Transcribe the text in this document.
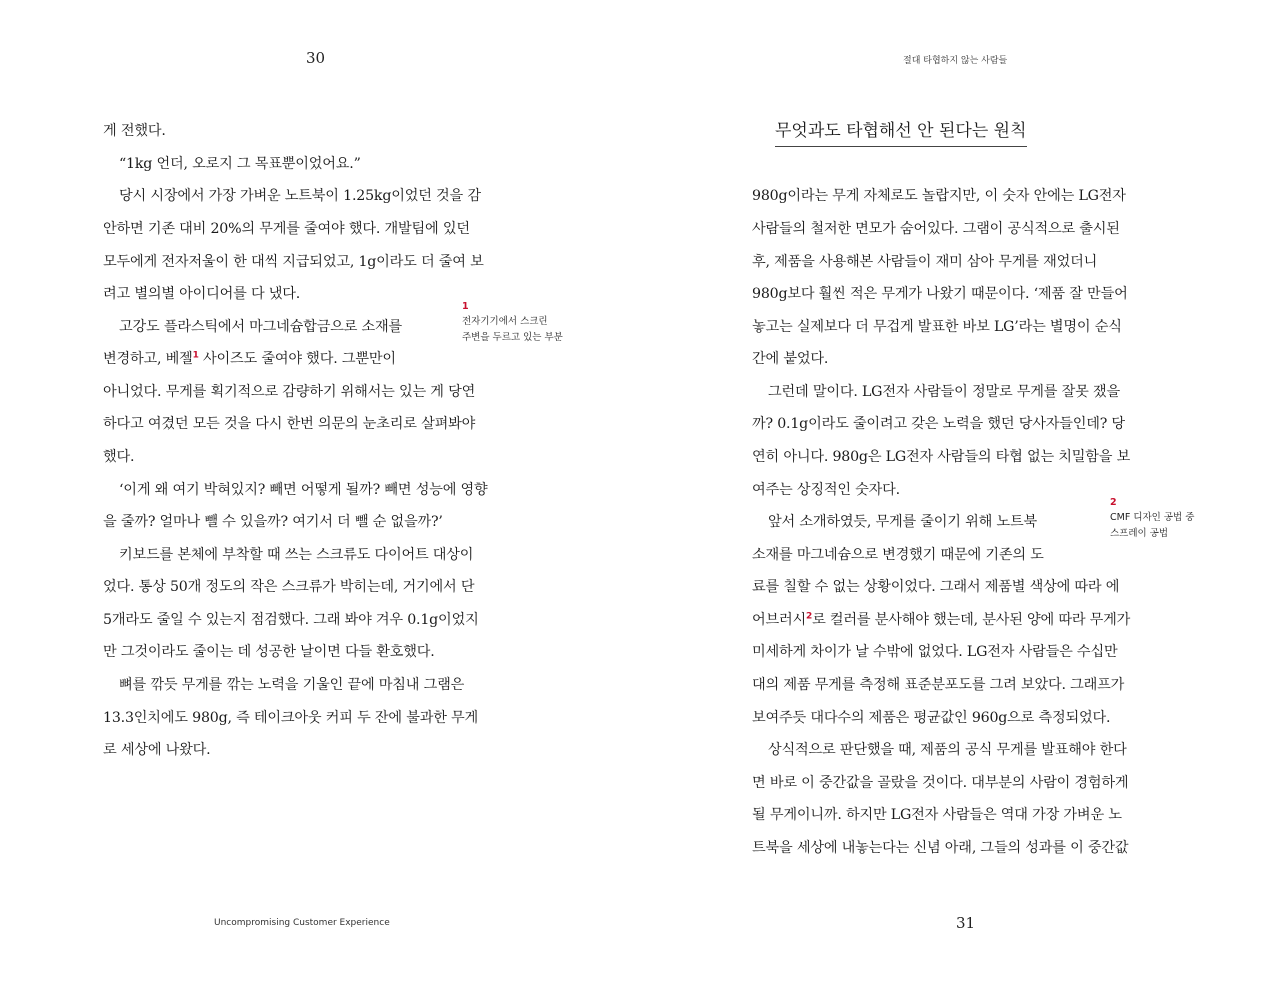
30
게 전했다.
“1kg 언더, 오로지 그 목표뿐이었어요.”
당시 시장에서 가장 가벼운 노트북이 1.25kg이었던 것을 감
안하면 기존 대비 20%의 무게를 줄여야 했다. 개발팀에 있던
모두에게 전자저울이 한 대씩 지급되었고, 1g이라도 더 줄여 보
려고 별의별 아이디어를 다 냈다.
고강도 플라스틱에서 마그네슘합금으로 소재를
변경하고, 베젤$^1$ 사이즈도 줄여야 했다. 그뿐만이
아니었다. 무게를 획기적으로 감량하기 위해서는 있는 게 당연
하다고 여겼던 모든 것을 다시 한번 의문의 눈초리로 살펴봐야
했다.
‘이게 왜 여기 박혀있지? 빼면 어떻게 될까? 빼면 성능에 영향
을 줄까? 얼마나 뺄 수 있을까? 여기서 더 뺄 순 없을까?’
키보드를 본체에 부착할 때 쓰는 스크류도 다이어트 대상이
었다. 통상 50개 정도의 작은 스크류가 박히는데, 거기에서 단
5개라도 줄일 수 있는지 점검했다. 그래 봐야 겨우 0.1g이었지
만 그것이라도 줄이는 데 성공한 날이면 다들 환호했다.
뼈를 깎듯 무게를 깎는 노력을 기울인 끝에 마침내 그램은
13.3인치에도 980g, 즉 테이크아웃 커피 두 잔에 불과한 무게
로 세상에 나왔다.
1
전자기기에서 스크린
주변을 두르고 있는 부분
Uncompromising Customer Experience
절대 타협하지 않는 사람들
무엇과도 타협해선 안 된다는 원칙
980g이라는 무게 자체로도 놀랍지만, 이 숫자 안에는 LG전자
사람들의 철저한 면모가 숨어있다. 그램이 공식적으로 출시된
후, 제품을 사용해본 사람들이 재미 삼아 무게를 재었더니
980g보다 훨씬 적은 무게가 나왔기 때문이다. ‘제품 잘 만들어
놓고는 실제보다 더 무겁게 발표한 바보 LG’라는 별명이 순식
간에 붙었다.
그런데 말이다. LG전자 사람들이 정말로 무게를 잘못 쟀을
까? 0.1g이라도 줄이려고 갖은 노력을 했던 당사자들인데? 당
연히 아니다. 980g은 LG전자 사람들의 타협 없는 치밀함을 보
여주는 상징적인 숫자다.
앞서 소개하였듯, 무게를 줄이기 위해 노트북
소재를 마그네슘으로 변경했기 때문에 기존의 도
료를 칠할 수 없는 상황이었다. 그래서 제품별 색상에 따라 에
어브러시$^2$로 컬러를 분사해야 했는데, 분사된 양에 따라 무게가
미세하게 차이가 날 수밖에 없었다. LG전자 사람들은 수십만
대의 제품 무게를 측정해 표준분포도를 그려 보았다. 그래프가
보여주듯 대다수의 제품은 평균값인 960g으로 측정되었다.
상식적으로 판단했을 때, 제품의 공식 무게를 발표해야 한다
면 바로 이 중간값을 골랐을 것이다. 대부분의 사람이 경험하게
될 무게이니까. 하지만 LG전자 사람들은 역대 가장 가벼운 노
트북을 세상에 내놓는다는 신념 아래, 그들의 성과를 이 중간값
2
CMF 디자인 공법 중
스프레이 공법
31
